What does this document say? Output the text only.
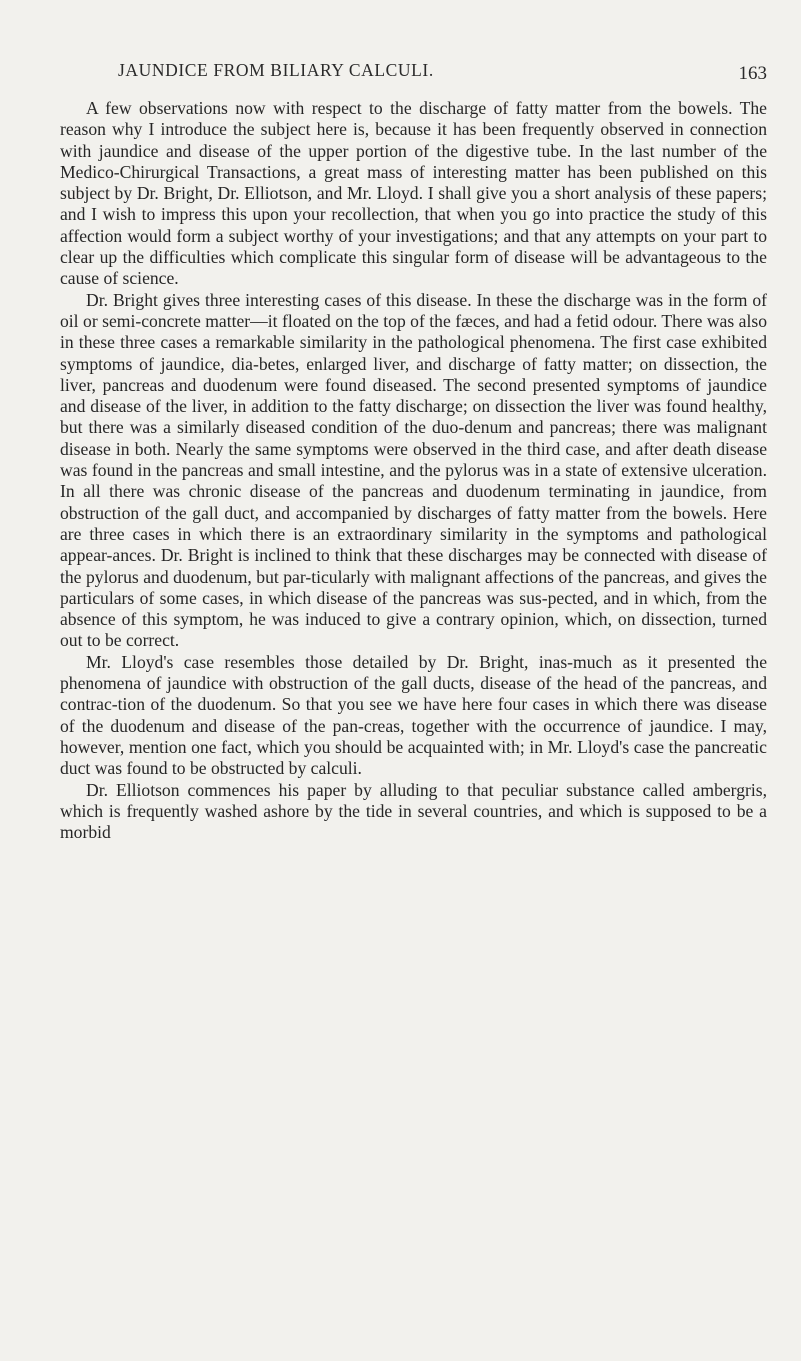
JAUNDICE FROM BILIARY CALCULI.	163

A few observations now with respect to the discharge of fatty matter from the bowels. The reason why I introduce the subject here is, because it has been frequently observed in connection with jaundice and disease of the upper portion of the digestive tube. In the last number of the Medico-Chirurgical Transactions, a great mass of interesting matter has been published on this subject by Dr. Bright, Dr. Elliotson, and Mr. Lloyd. I shall give you a short analysis of these papers; and I wish to impress this upon your recollection, that when you go into practice the study of this affection would form a subject worthy of your investigations; and that any attempts on your part to clear up the difficulties which complicate this singular form of disease will be advantageous to the cause of science.

Dr. Bright gives three interesting cases of this disease. In these the discharge was in the form of oil or semi-concrete matter—it floated on the top of the fæces, and had a fetid odour. There was also in these three cases a remarkable similarity in the pathological phenomena. The first case exhibited symptoms of jaundice, dia-betes, enlarged liver, and discharge of fatty matter; on dissection, the liver, pancreas and duodenum were found diseased. The second presented symptoms of jaundice and disease of the liver, in addition to the fatty discharge; on dissection the liver was found healthy, but there was a similarly diseased condition of the duo-denum and pancreas; there was malignant disease in both. Nearly the same symptoms were observed in the third case, and after death disease was found in the pancreas and small intestine, and the pylorus was in a state of extensive ulceration. In all there was chronic disease of the pancreas and duodenum terminating in jaundice, from obstruction of the gall duct, and accompanied by discharges of fatty matter from the bowels. Here are three cases in which there is an extraordinary similarity in the symptoms and pathological appear-ances. Dr. Bright is inclined to think that these discharges may be connected with disease of the pylorus and duodenum, but par-ticularly with malignant affections of the pancreas, and gives the particulars of some cases, in which disease of the pancreas was sus-pected, and in which, from the absence of this symptom, he was induced to give a contrary opinion, which, on dissection, turned out to be correct.

Mr. Lloyd's case resembles those detailed by Dr. Bright, inas-much as it presented the phenomena of jaundice with obstruction of the gall ducts, disease of the head of the pancreas, and contrac-tion of the duodenum. So that you see we have here four cases in which there was disease of the duodenum and disease of the pan-creas, together with the occurrence of jaundice. I may, however, mention one fact, which you should be acquainted with; in Mr. Lloyd's case the pancreatic duct was found to be obstructed by calculi.

Dr. Elliotson commences his paper by alluding to that peculiar substance called ambergris, which is frequently washed ashore by the tide in several countries, and which is supposed to be a morbid
